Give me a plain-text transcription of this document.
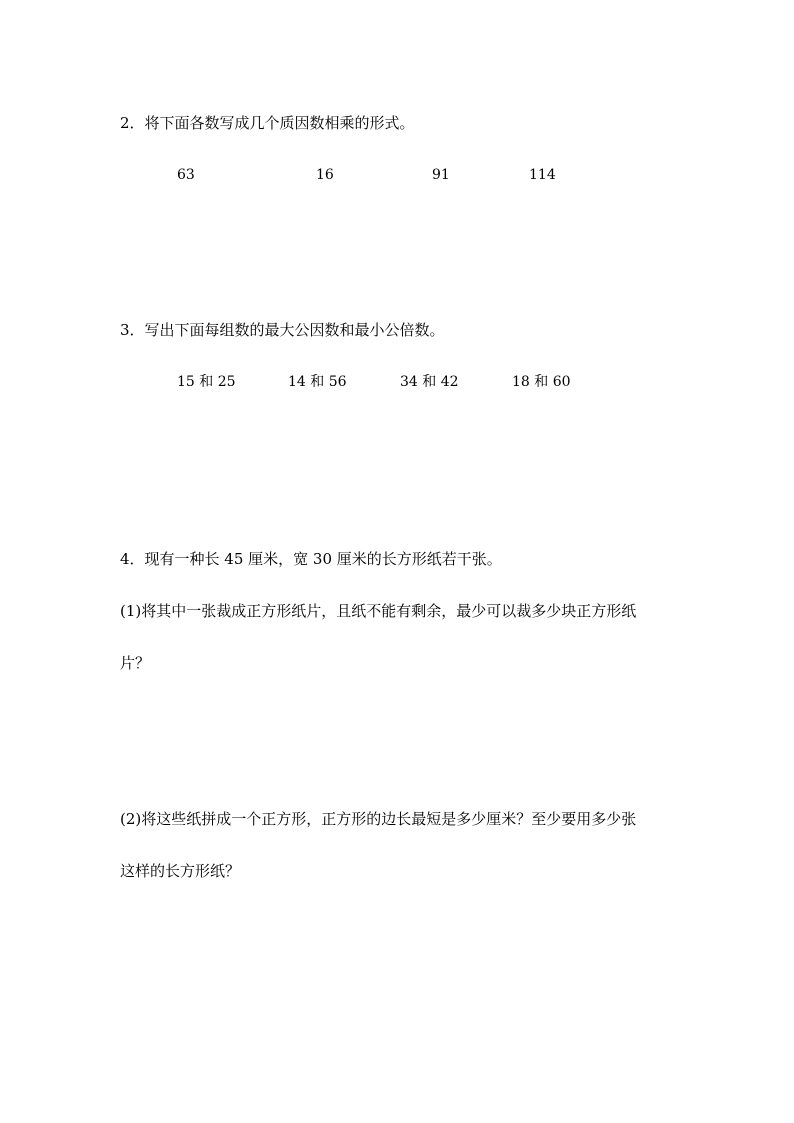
2．将下面各数写成几个质因数相乘的形式。
63	16	91	114
3．写出下面每组数的最大公因数和最小公倍数。
15 和 25	14 和 56	34 和 42	18 和 60
4．现有一种长 45 厘米，宽 30 厘米的长方形纸若干张。
(1)将其中一张裁成正方形纸片，且纸不能有剩余，最少可以裁多少块正方形纸
片？
(2)将这些纸拼成一个正方形，正方形的边长最短是多少厘米？至少要用多少张
这样的长方形纸？
